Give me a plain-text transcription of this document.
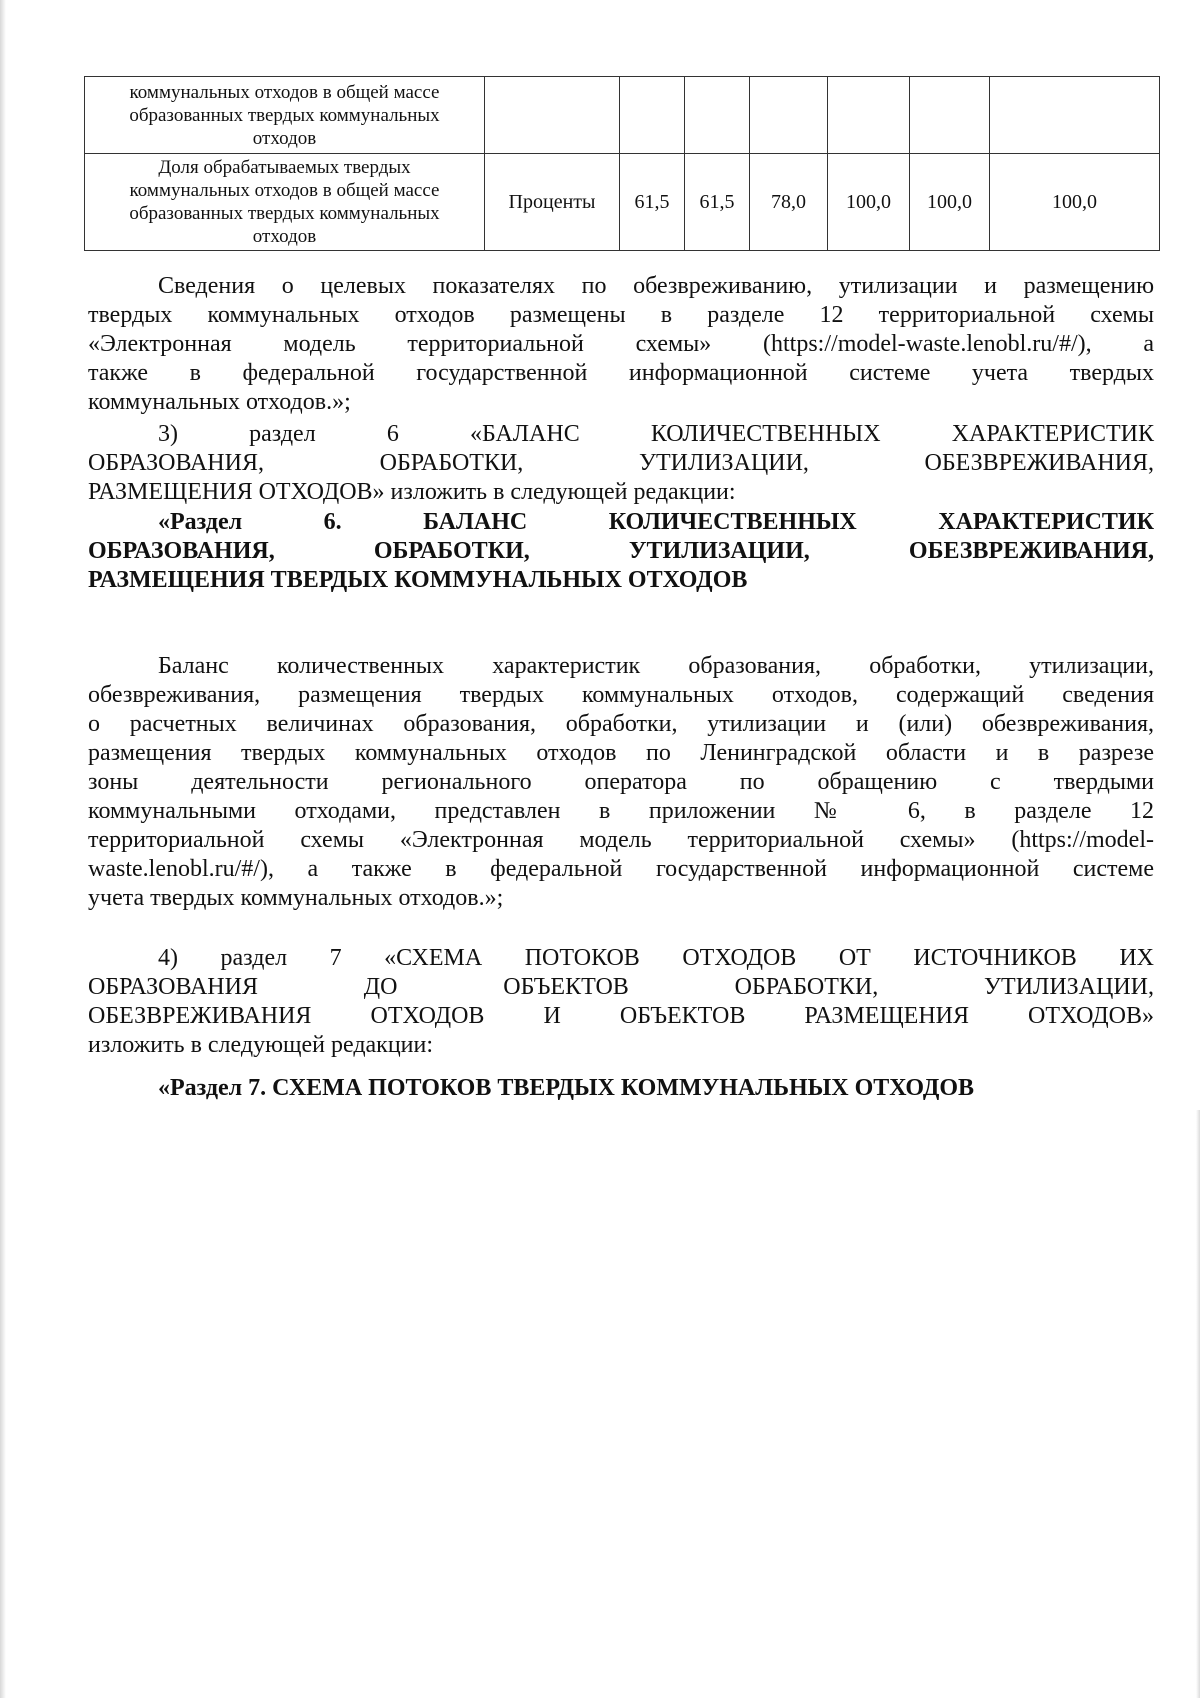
коммунальных отходов в общей массе
образованных твердых коммунальных
отходов							

Доля обрабатываемых твердых
коммунальных отходов в общей массе
образованных твердых коммунальных
отходов	Проценты	61,5	61,5	78,0	100,0	100,0	100,0

Сведения о целевых показателях по обезвреживанию, утилизации и размещению

твердых коммунальных отходов размещены в разделе 12 территориальной схемы

«Электронная модель территориальной схемы» (https://model-waste.lenobl.ru/#/), а

также в федеральной государственной информационной системе учета твердых

коммунальных отходов.»;

3) раздел 6 «БАЛАНС КОЛИЧЕСТВЕННЫХ ХАРАКТЕРИСТИК

ОБРАЗОВАНИЯ, ОБРАБОТКИ, УТИЛИЗАЦИИ, ОБЕЗВРЕЖИВАНИЯ,

РАЗМЕЩЕНИЯ ОТХОДОВ» изложить в следующей редакции:

«Раздел 6. БАЛАНС КОЛИЧЕСТВЕННЫХ ХАРАКТЕРИСТИК

ОБРАЗОВАНИЯ, ОБРАБОТКИ, УТИЛИЗАЦИИ, ОБЕЗВРЕЖИВАНИЯ,

РАЗМЕЩЕНИЯ ТВЕРДЫХ КОММУНАЛЬНЫХ ОТХОДОВ

Баланс количественных характеристик образования, обработки, утилизации,

обезвреживания, размещения твердых коммунальных отходов, содержащий сведения

о расчетных величинах образования, обработки, утилизации и (или) обезвреживания,

размещения твердых коммунальных отходов по Ленинградской области и в разрезе

зоны деятельности регионального оператора по обращению с твердыми

коммунальными отходами, представлен в приложении № 6, в разделе 12

территориальной схемы «Электронная модель территориальной схемы» (https://model-

waste.lenobl.ru/#/), а также в федеральной государственной информационной системе

учета твердых коммунальных отходов.»;

4) раздел 7 «СХЕМА ПОТОКОВ ОТХОДОВ ОТ ИСТОЧНИКОВ ИХ

ОБРАЗОВАНИЯ ДО ОБЪЕКТОВ ОБРАБОТКИ, УТИЛИЗАЦИИ,

ОБЕЗВРЕЖИВАНИЯ ОТХОДОВ И ОБЪЕКТОВ РАЗМЕЩЕНИЯ ОТХОДОВ»

изложить в следующей редакции:

«Раздел 7. СХЕМА ПОТОКОВ ТВЕРДЫХ КОММУНАЛЬНЫХ ОТХОДОВ
